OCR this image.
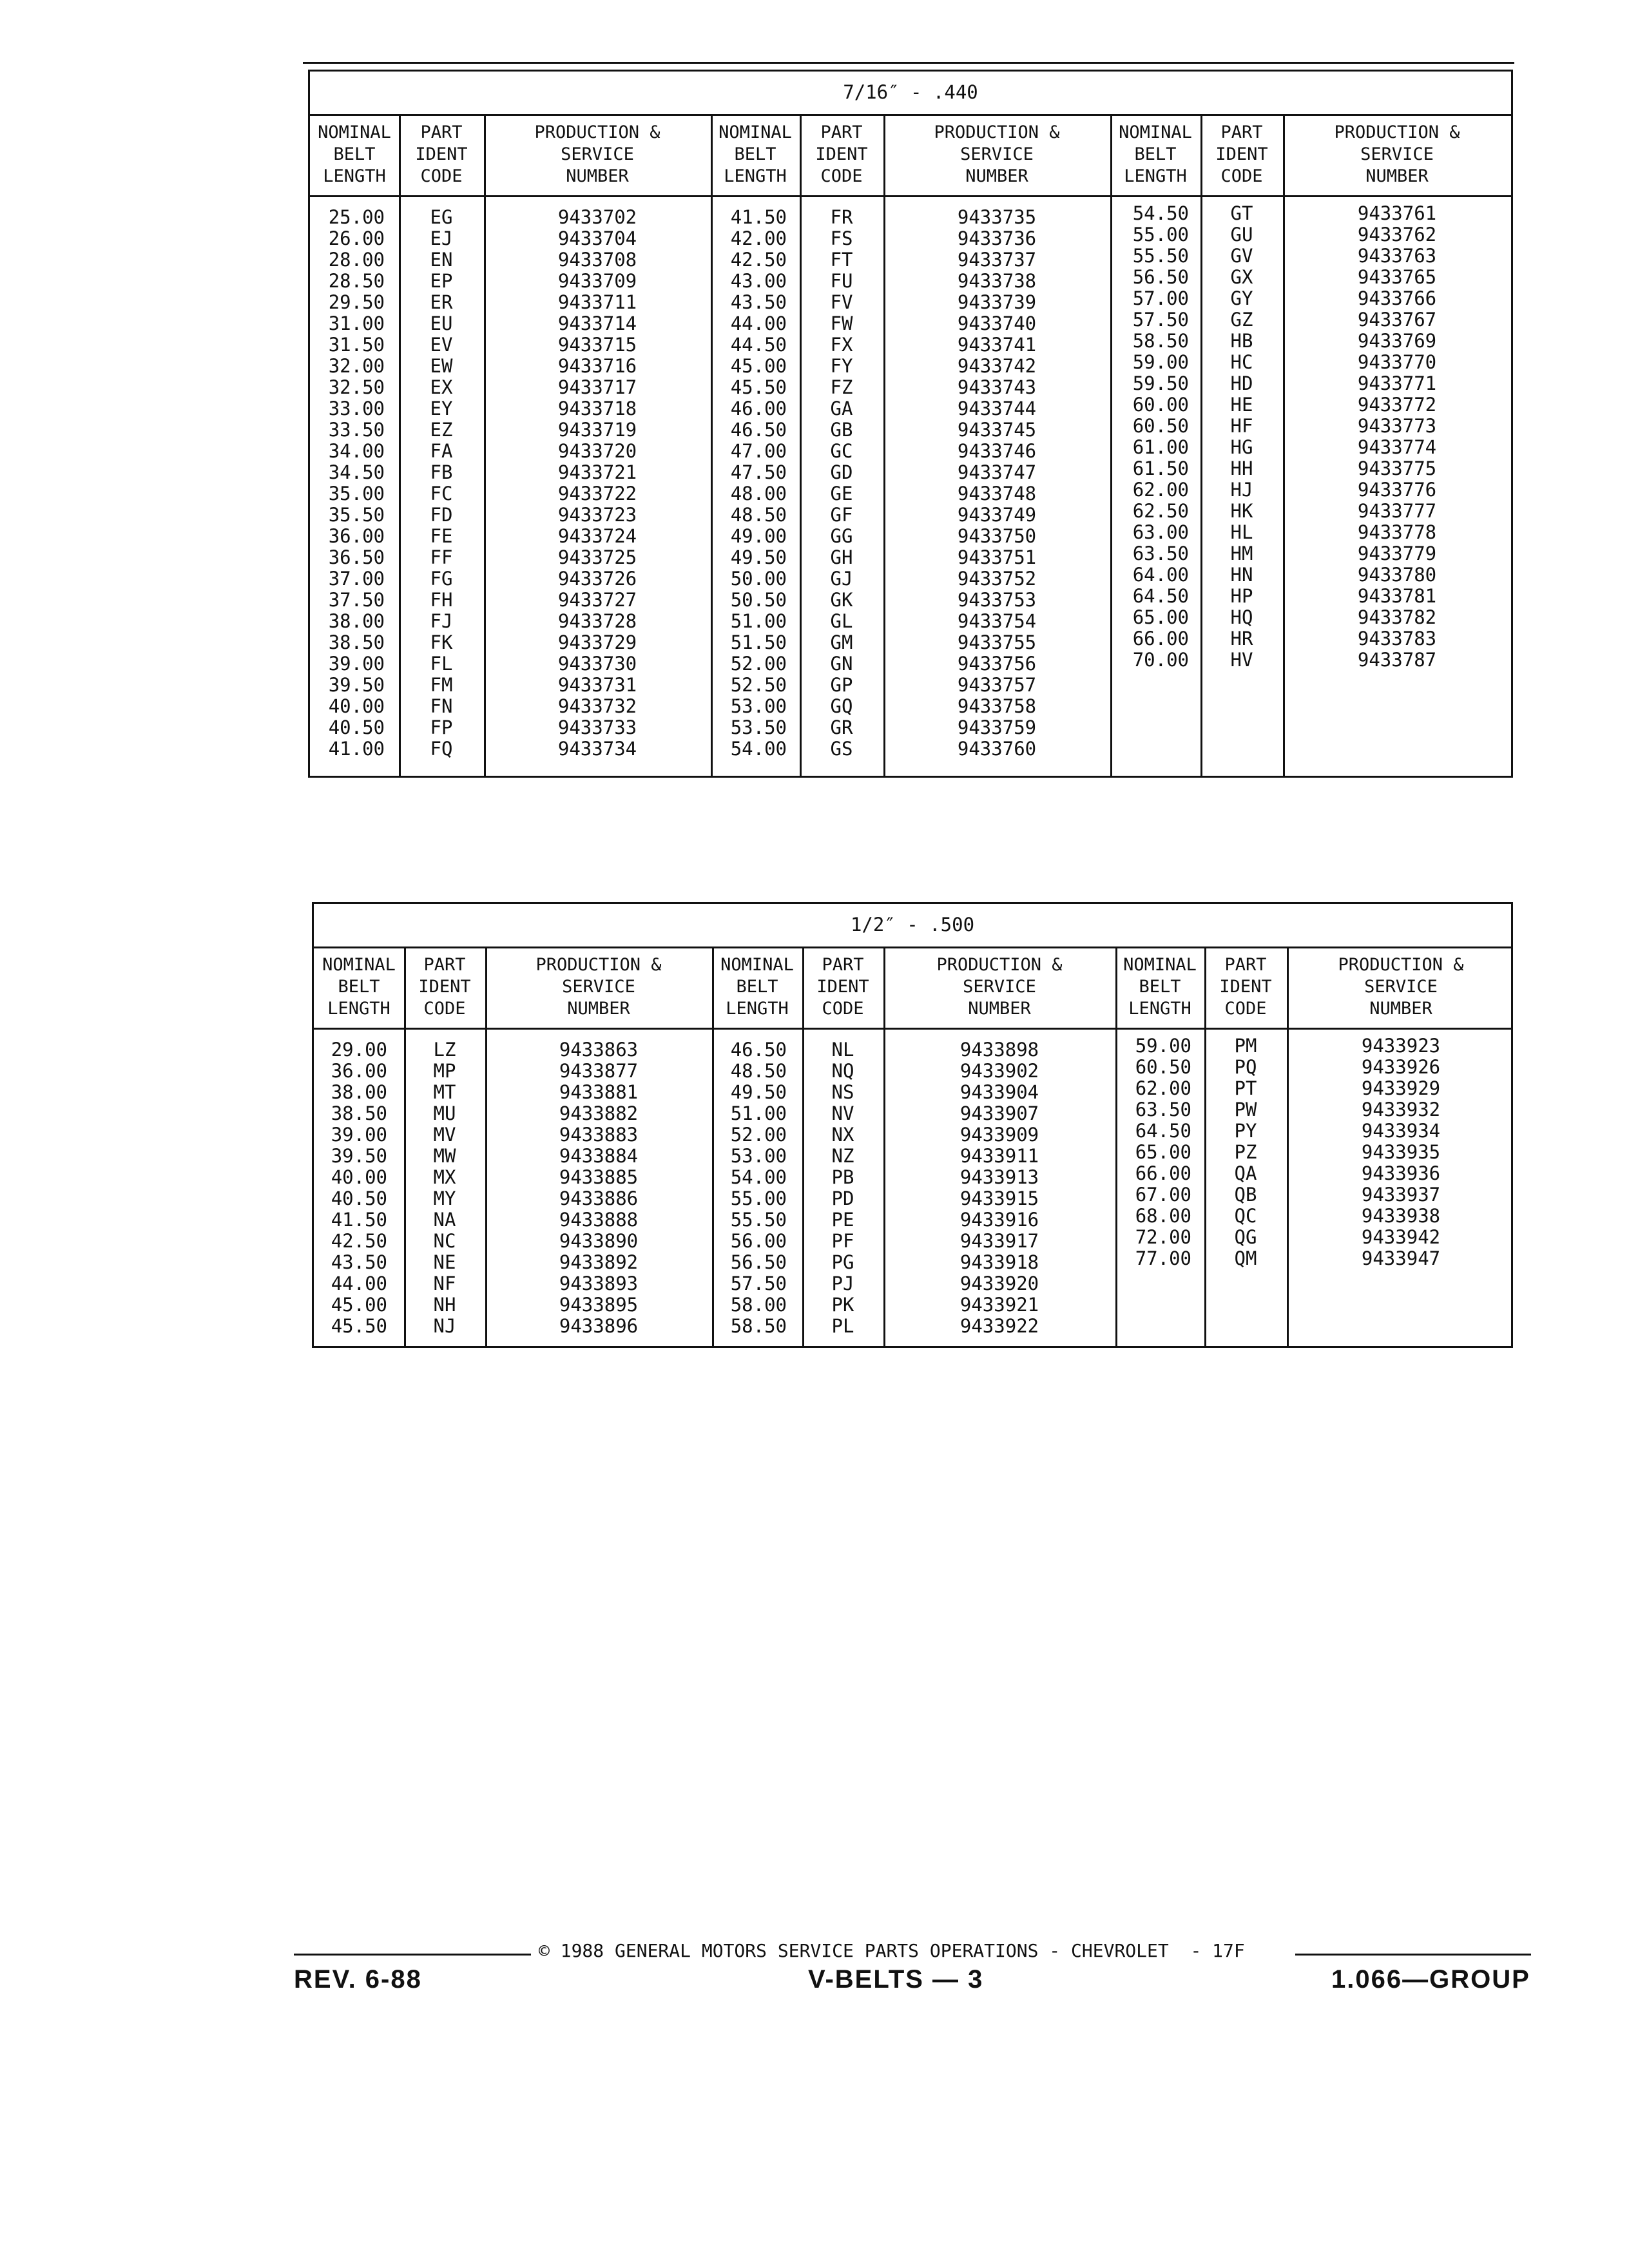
7/16″ - .440
NOMINAL
BELT
LENGTH
PART
IDENT
CODE
PRODUCTION &
SERVICE
NUMBER
NOMINAL
BELT
LENGTH
PART
IDENT
CODE
PRODUCTION &
SERVICE
NUMBER
NOMINAL
BELT
LENGTH
PART
IDENT
CODE
PRODUCTION &
SERVICE
NUMBER
25.00
26.00
28.00
28.50
29.50
31.00
31.50
32.00
32.50
33.00
33.50
34.00
34.50
35.00
35.50
36.00
36.50
37.00
37.50
38.00
38.50
39.00
39.50
40.00
40.50
41.00
EG
EJ
EN
EP
ER
EU
EV
EW
EX
EY
EZ
FA
FB
FC
FD
FE
FF
FG
FH
FJ
FK
FL
FM
FN
FP
FQ
9433702
9433704
9433708
9433709
9433711
9433714
9433715
9433716
9433717
9433718
9433719
9433720
9433721
9433722
9433723
9433724
9433725
9433726
9433727
9433728
9433729
9433730
9433731
9433732
9433733
9433734
41.50
42.00
42.50
43.00
43.50
44.00
44.50
45.00
45.50
46.00
46.50
47.00
47.50
48.00
48.50
49.00
49.50
50.00
50.50
51.00
51.50
52.00
52.50
53.00
53.50
54.00
FR
FS
FT
FU
FV
FW
FX
FY
FZ
GA
GB
GC
GD
GE
GF
GG
GH
GJ
GK
GL
GM
GN
GP
GQ
GR
GS
9433735
9433736
9433737
9433738
9433739
9433740
9433741
9433742
9433743
9433744
9433745
9433746
9433747
9433748
9433749
9433750
9433751
9433752
9433753
9433754
9433755
9433756
9433757
9433758
9433759
9433760
54.50
55.00
55.50
56.50
57.00
57.50
58.50
59.00
59.50
60.00
60.50
61.00
61.50
62.00
62.50
63.00
63.50
64.00
64.50
65.00
66.00
70.00
GT
GU
GV
GX
GY
GZ
HB
HC
HD
HE
HF
HG
HH
HJ
HK
HL
HM
HN
HP
HQ
HR
HV
9433761
9433762
9433763
9433765
9433766
9433767
9433769
9433770
9433771
9433772
9433773
9433774
9433775
9433776
9433777
9433778
9433779
9433780
9433781
9433782
9433783
9433787
1/2″ - .500
NOMINAL
BELT
LENGTH
PART
IDENT
CODE
PRODUCTION &
SERVICE
NUMBER
NOMINAL
BELT
LENGTH
PART
IDENT
CODE
PRODUCTION &
SERVICE
NUMBER
NOMINAL
BELT
LENGTH
PART
IDENT
CODE
PRODUCTION &
SERVICE
NUMBER
29.00
36.00
38.00
38.50
39.00
39.50
40.00
40.50
41.50
42.50
43.50
44.00
45.00
45.50
LZ
MP
MT
MU
MV
MW
MX
MY
NA
NC
NE
NF
NH
NJ
9433863
9433877
9433881
9433882
9433883
9433884
9433885
9433886
9433888
9433890
9433892
9433893
9433895
9433896
46.50
48.50
49.50
51.00
52.00
53.00
54.00
55.00
55.50
56.00
56.50
57.50
58.00
58.50
NL
NQ
NS
NV
NX
NZ
PB
PD
PE
PF
PG
PJ
PK
PL
9433898
9433902
9433904
9433907
9433909
9433911
9433913
9433915
9433916
9433917
9433918
9433920
9433921
9433922
59.00
60.50
62.00
63.50
64.50
65.00
66.00
67.00
68.00
72.00
77.00
PM
PQ
PT
PW
PY
PZ
QA
QB
QC
QG
QM
9433923
9433926
9433929
9433932
9433934
9433935
9433936
9433937
9433938
9433942
9433947
© 1988 GENERAL MOTORS SERVICE PARTS OPERATIONS - CHEVROLET  - 17F
REV. 6-88	V-BELTS — 3	1.066—GROUP
